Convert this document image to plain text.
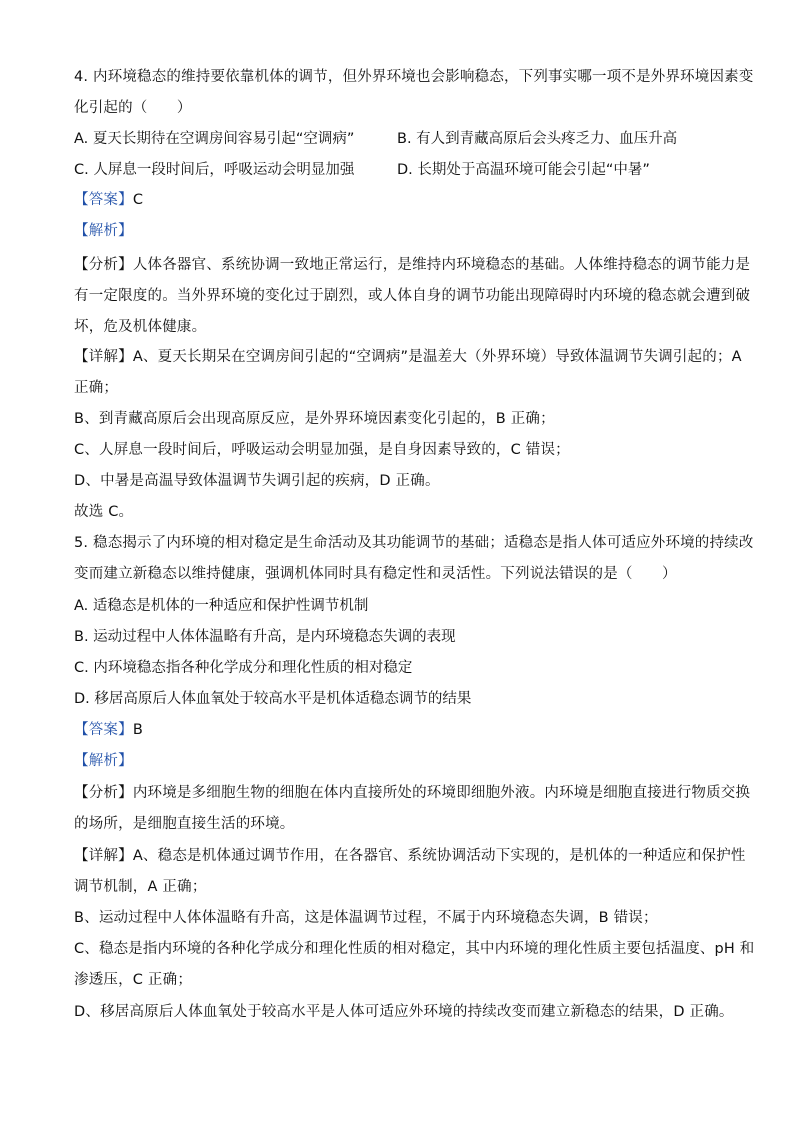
4. 内环境稳态的维持要依靠机体的调节，但外界环境也会影响稳态，下列事实哪一项不是外界环境因素变
化引起的（　　）
A. 夏天长期待在空调房间容易引起“空调病”	B. 有人到青藏高原后会头疼乏力、血压升高
C. 人屏息一段时间后，呼吸运动会明显加强	D. 长期处于高温环境可能会引起“中暑”
【答案】C
【解析】
【分析】人体各器官、系统协调一致地正常运行，是维持内环境稳态的基础。人体维持稳态的调节能力是
有一定限度的。当外界环境的变化过于剧烈，或人体自身的调节功能出现障碍时内环境的稳态就会遭到破
坏，危及机体健康。
【详解】A、夏天长期呆在空调房间引起的“空调病”是温差大（外界环境）导致体温调节失调引起的；A
正确；
B、到青藏高原后会出现高原反应，是外界环境因素变化引起的，B 正确；
C、人屏息一段时间后，呼吸运动会明显加强，是自身因素导致的，C 错误；
D、中暑是高温导致体温调节失调引起的疾病，D 正确。
故选 C。
5. 稳态揭示了内环境的相对稳定是生命活动及其功能调节的基础；适稳态是指人体可适应外环境的持续改
变而建立新稳态以维持健康，强调机体同时具有稳定性和灵活性。下列说法错误的是（　　）
A. 适稳态是机体的一种适应和保护性调节机制
B. 运动过程中人体体温略有升高，是内环境稳态失调的表现
C. 内环境稳态指各种化学成分和理化性质的相对稳定
D. 移居高原后人体血氧处于较高水平是机体适稳态调节的结果
【答案】B
【解析】
【分析】内环境是多细胞生物的细胞在体内直接所处的环境即细胞外液。内环境是细胞直接进行物质交换
的场所，是细胞直接生活的环境。
【详解】A、稳态是机体通过调节作用，在各器官、系统协调活动下实现的，是机体的一种适应和保护性
调节机制，A 正确；
B、运动过程中人体体温略有升高，这是体温调节过程，不属于内环境稳态失调，B 错误；
C、稳态是指内环境的各种化学成分和理化性质的相对稳定，其中内环境的理化性质主要包括温度、pH 和
渗透压，C 正确；
D、移居高原后人体血氧处于较高水平是人体可适应外环境的持续改变而建立新稳态的结果，D 正确。
